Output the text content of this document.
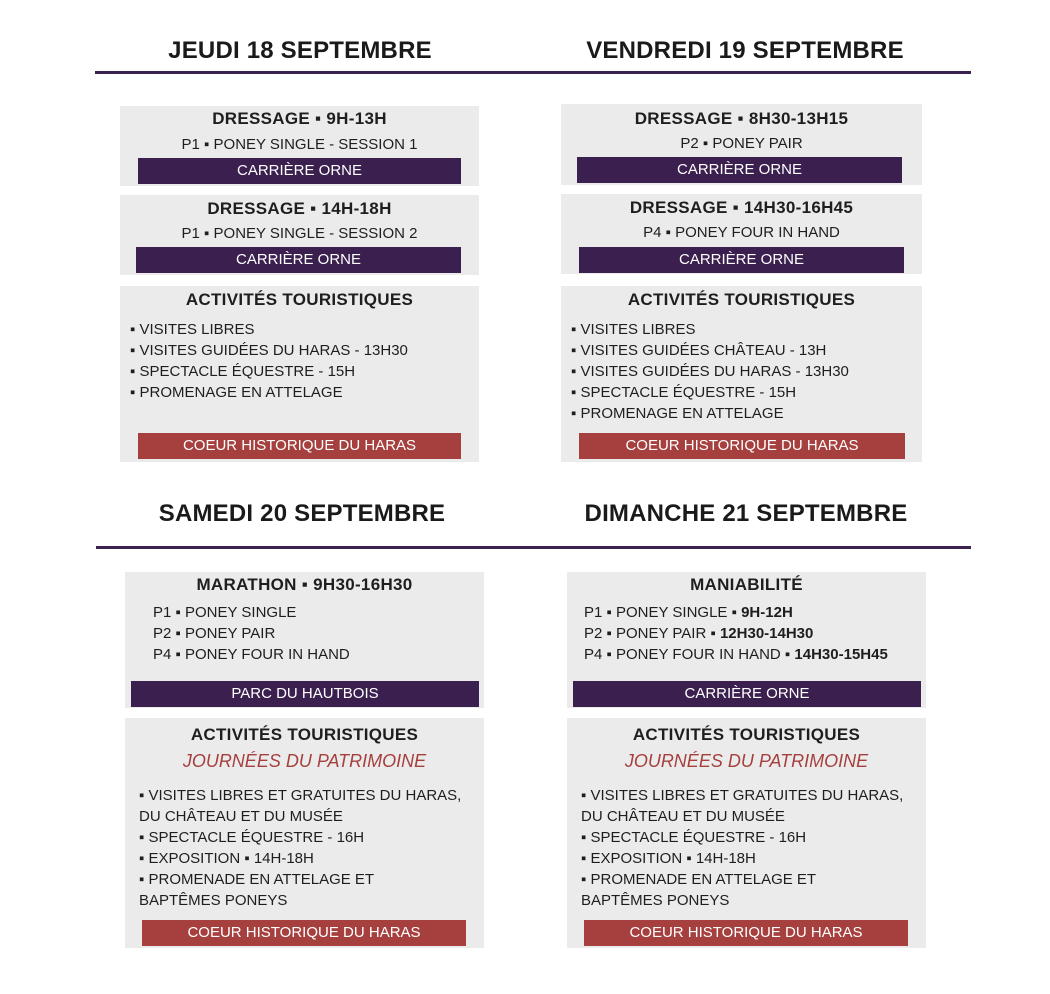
JEUDI 18 SEPTEMBRE	VENDREDI 19 SEPTEMBRE
DRESSAGE ▪ 9H-13H
P1 ▪ PONEY SINGLE - SESSION 1
CARRIÈRE ORNE
DRESSAGE ▪ 14H-18H
P1 ▪ PONEY SINGLE - SESSION 2
CARRIÈRE ORNE
ACTIVITÉS TOURISTIQUES
▪ VISITES LIBRES
▪ VISITES GUIDÉES DU HARAS - 13H30
▪ SPECTACLE ÉQUESTRE - 15H
▪ PROMENAGE EN ATTELAGE
COEUR HISTORIQUE DU HARAS
DRESSAGE ▪ 8H30-13H15
P2 ▪ PONEY PAIR
CARRIÈRE ORNE
DRESSAGE ▪ 14H30-16H45
P4 ▪ PONEY FOUR IN HAND
CARRIÈRE ORNE
ACTIVITÉS TOURISTIQUES
▪ VISITES LIBRES
▪ VISITES GUIDÉES CHÂTEAU - 13H
▪ VISITES GUIDÉES DU HARAS - 13H30
▪ SPECTACLE ÉQUESTRE - 15H
▪ PROMENAGE EN ATTELAGE
COEUR HISTORIQUE DU HARAS
SAMEDI 20 SEPTEMBRE	DIMANCHE 21 SEPTEMBRE
MARATHON ▪ 9H30-16H30
P1 ▪ PONEY SINGLE
P2 ▪ PONEY PAIR
P4 ▪ PONEY FOUR IN HAND
PARC DU HAUTBOIS
ACTIVITÉS TOURISTIQUES
JOURNÉES DU PATRIMOINE
▪ VISITES LIBRES ET GRATUITES DU HARAS,
DU CHÂTEAU ET DU MUSÉE
▪ SPECTACLE ÉQUESTRE - 16H
▪ EXPOSITION ▪ 14H-18H
▪ PROMENADE EN ATTELAGE ET
BAPTÊMES PONEYS
COEUR HISTORIQUE DU HARAS
MANIABILITÉ
P1 ▪ PONEY SINGLE ▪ 9H-12H
P2 ▪ PONEY PAIR ▪ 12H30-14H30
P4 ▪ PONEY FOUR IN HAND ▪ 14H30-15H45
CARRIÈRE ORNE
ACTIVITÉS TOURISTIQUES
JOURNÉES DU PATRIMOINE
▪ VISITES LIBRES ET GRATUITES DU HARAS,
DU CHÂTEAU ET DU MUSÉE
▪ SPECTACLE ÉQUESTRE - 16H
▪ EXPOSITION ▪ 14H-18H
▪ PROMENADE EN ATTELAGE ET
BAPTÊMES PONEYS
COEUR HISTORIQUE DU HARAS
